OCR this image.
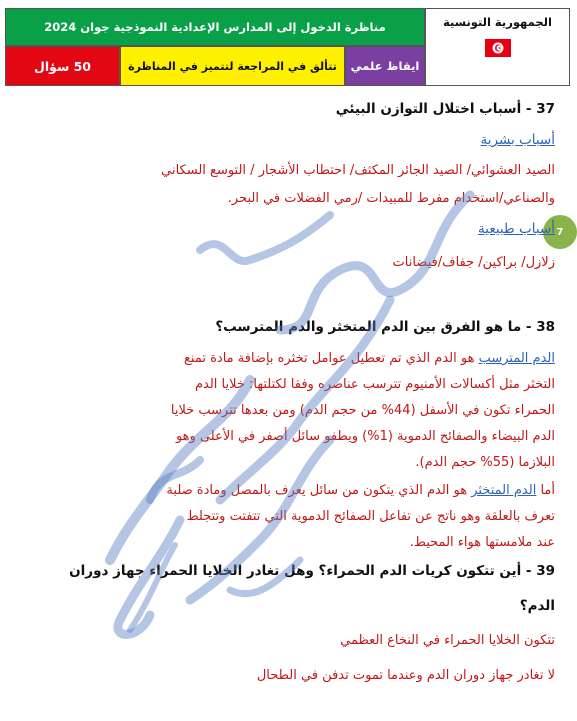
مناظرة الدخول إلى المدارس الإعدادية النموذجية جوان 2024
50 سؤال	تتألق في المراجعة لتتميز في المناظرة	ايقاظ علمي
الجمهورية التونسية
7
37 - أسباب اختلال التوازن البيئي
أسباب بشرية
الصيد العشوائي/ الصيد الجائر المكثف/ احتطاب الأشجار / التوسع السكاني
والصناعي/استخدام مفرط للمبيدات /رمي الفضلات في البحر.
أسباب طبيعية
زلازل/ براكين/ جفاف/فيضانات
38 - ما هو الفرق بين الدم المتخثر والدم المترسب؟
الدم المترسب هو الدم الذي تم تعطيل عوامل تخثره بإضافة مادة تمنع
التخثر مثل أكسالات الأمنيوم تترسب عناصره وفقا لكتلتها: خلايا الدم
الحمراء تكون في الأسفل (44% من حجم الدم) ومن بعدها تترسب خلايا
الدم البيضاء والصفائح الدموية (1%) ويطفو سائل أصفر في الأعلى وهو
البلازما (55% حجم الدم).
أما الدم المتخثر هو الدم الذي يتكون من سائل يعرف بالمصل ومادة صلبة
تعرف بالعلقة وهو ناتج عن تفاعل الصفائح الدموية التي تتفتت وتتجلط
عند ملامستها هواء المحيط.
39 - أين تتكون كريات الدم الحمراء؟ وهل تغادر الخلايا الحمراء جهاز دوران
الدم؟
تتكون الخلايا الحمراء في النخاع العظمي
لا تغادر جهاز دوران الدم وعندما تموت تدفن في الطحال
